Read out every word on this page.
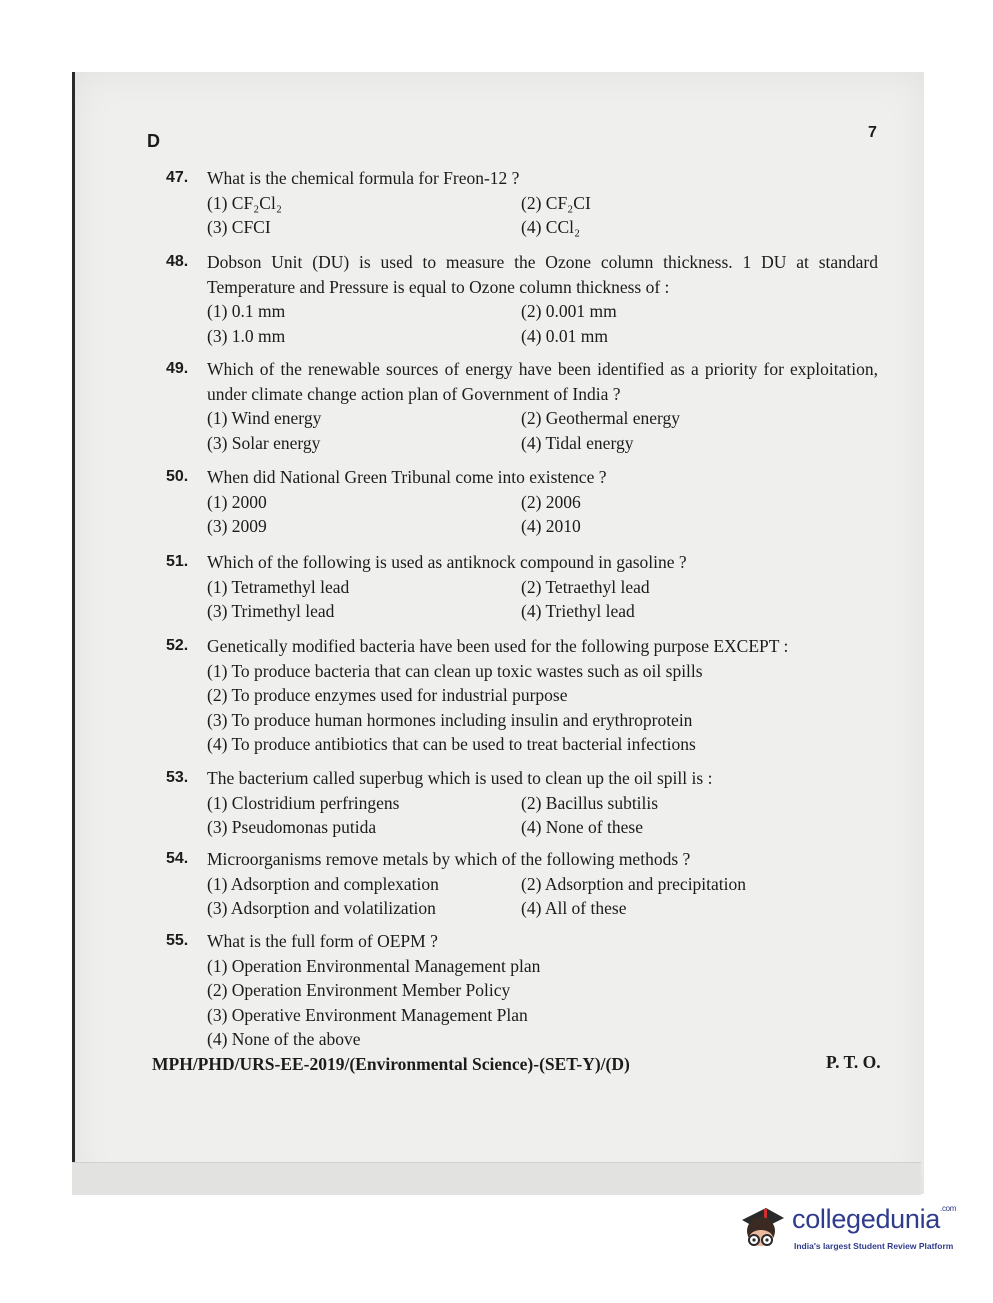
D	7
47. What is the chemical formula for Freon-12 ?
(1) CF₂Cl₂	(2) CF₂CI
(3) CFCI	(4) CCl₂
48. Dobson Unit (DU) is used to measure the Ozone column thickness. 1 DU at standard Temperature and Pressure is equal to Ozone column thickness of :
(1) 0.1 mm	(2) 0.001 mm
(3) 1.0 mm	(4) 0.01 mm
49. Which of the renewable sources of energy have been identified as a priority for exploitation, under climate change action plan of Government of India ?
(1) Wind energy	(2) Geothermal energy
(3) Solar energy	(4) Tidal energy
50. When did National Green Tribunal come into existence ?
(1) 2000	(2) 2006
(3) 2009	(4) 2010
51. Which of the following is used as antiknock compound in gasoline ?
(1) Tetramethyl lead	(2) Tetraethyl lead
(3) Trimethyl lead	(4) Triethyl lead
52. Genetically modified bacteria have been used for the following purpose EXCEPT :
(1) To produce bacteria that can clean up toxic wastes such as oil spills
(2) To produce enzymes used for industrial purpose
(3) To produce human hormones including insulin and erythroprotein
(4) To produce antibiotics that can be used to treat bacterial infections
53. The bacterium called superbug which is used to clean up the oil spill is :
(1) Clostridium perfringens	(2) Bacillus subtilis
(3) Pseudomonas putida	(4) None of these
54. Microorganisms remove metals by which of the following methods ?
(1) Adsorption and complexation	(2) Adsorption and precipitation
(3) Adsorption and volatilization	(4) All of these
55. What is the full form of OEPM ?
(1) Operation Environmental Management plan
(2) Operation Environment Member Policy
(3) Operative Environment Management Plan
(4) None of the above
MPH/PHD/URS-EE-2019/(Environmental Science)-(SET-Y)/(D)	P. T. O.
collegedunia$^{.com}$
India's largest Student Review Platform
